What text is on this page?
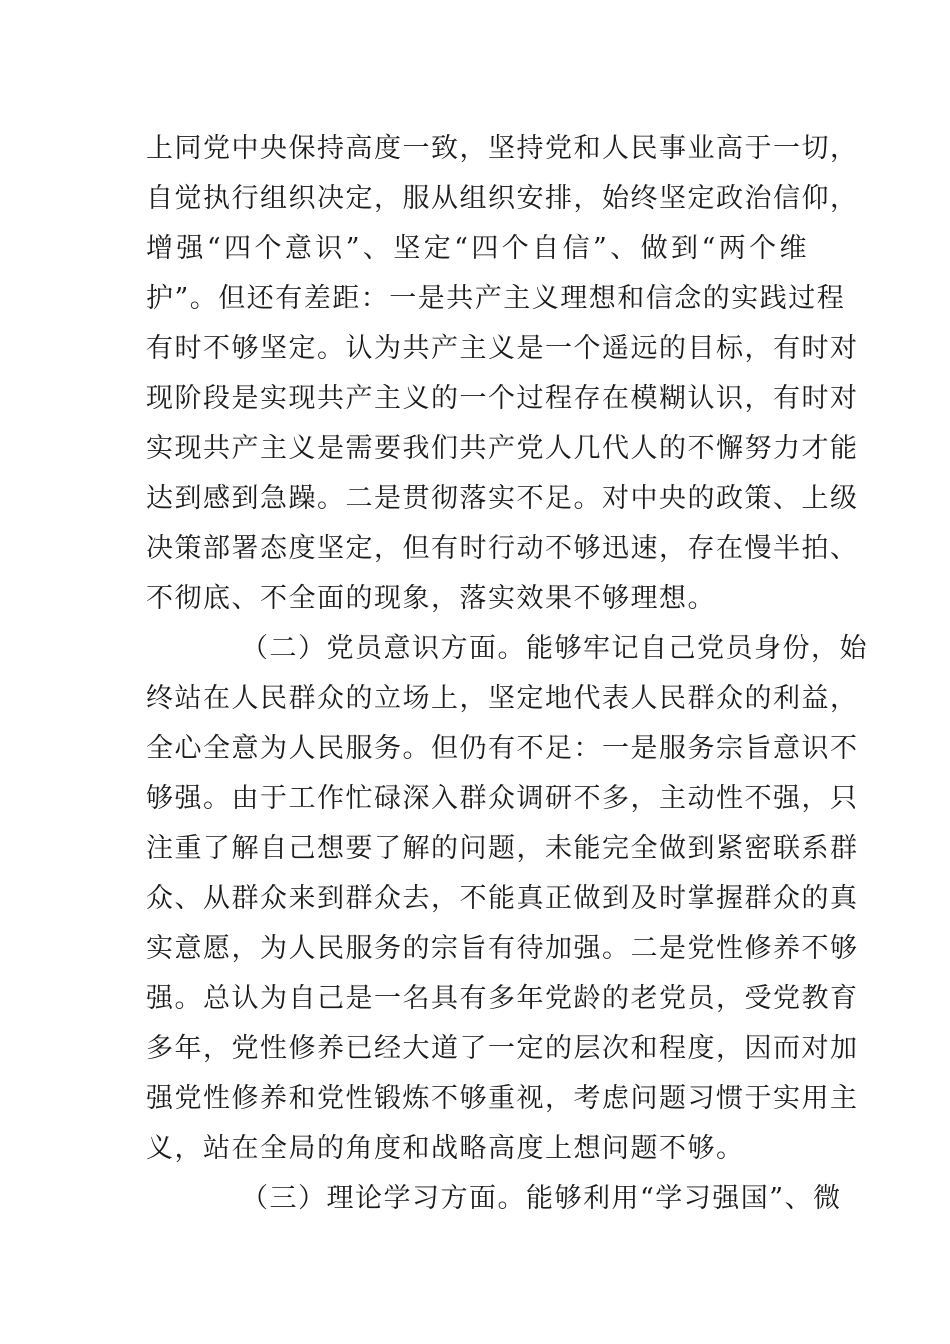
上同党中央保持高度一致，坚持党和人民事业高于一切，
自觉执行组织决定，服从组织安排，始终坚定政治信仰，
增强“四个意识”、坚定“四个自信”、做到“两个维
护”。但还有差距：一是共产主义理想和信念的实践过程
有时不够坚定。认为共产主义是一个遥远的目标，有时对
现阶段是实现共产主义的一个过程存在模糊认识，有时对
实现共产主义是需要我们共产党人几代人的不懈努力才能
达到感到急躁。二是贯彻落实不足。对中央的政策、上级
决策部署态度坚定，但有时行动不够迅速，存在慢半拍、
不彻底、不全面的现象，落实效果不够理想。
（二）党员意识方面。能够牢记自己党员身份，始
终站在人民群众的立场上，坚定地代表人民群众的利益，
全心全意为人民服务。但仍有不足：一是服务宗旨意识不
够强。由于工作忙碌深入群众调研不多，主动性不强，只
注重了解自己想要了解的问题，未能完全做到紧密联系群
众、从群众来到群众去，不能真正做到及时掌握群众的真
实意愿，为人民服务的宗旨有待加强。二是党性修养不够
强。总认为自己是一名具有多年党龄的老党员，受党教育
多年，党性修养已经大道了一定的层次和程度，因而对加
强党性修养和党性锻炼不够重视，考虑问题习惯于实用主
义，站在全局的角度和战略高度上想问题不够。
（三）理论学习方面。能够利用“学习强国”、微
